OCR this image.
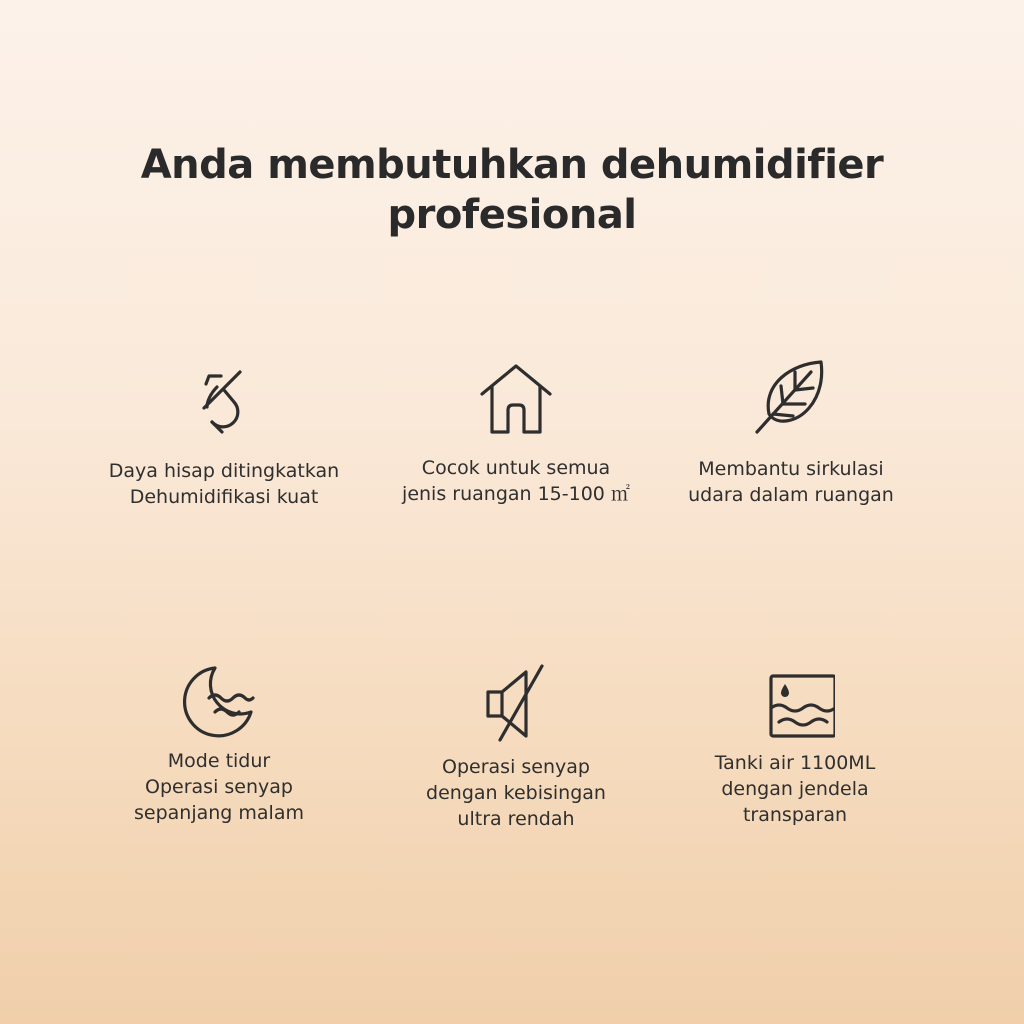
Anda membutuhkan dehumidifier
profesional
Daya hisap ditingkatkan
Dehumidifikasi kuat
Cocok untuk semua
jenis ruangan 15-100 ㎡
Membantu sirkulasi
udara dalam ruangan
Mode tidur
Operasi senyap
sepanjang malam
Operasi senyap
dengan kebisingan
ultra rendah
Tanki air 1100ML
dengan jendela
transparan
